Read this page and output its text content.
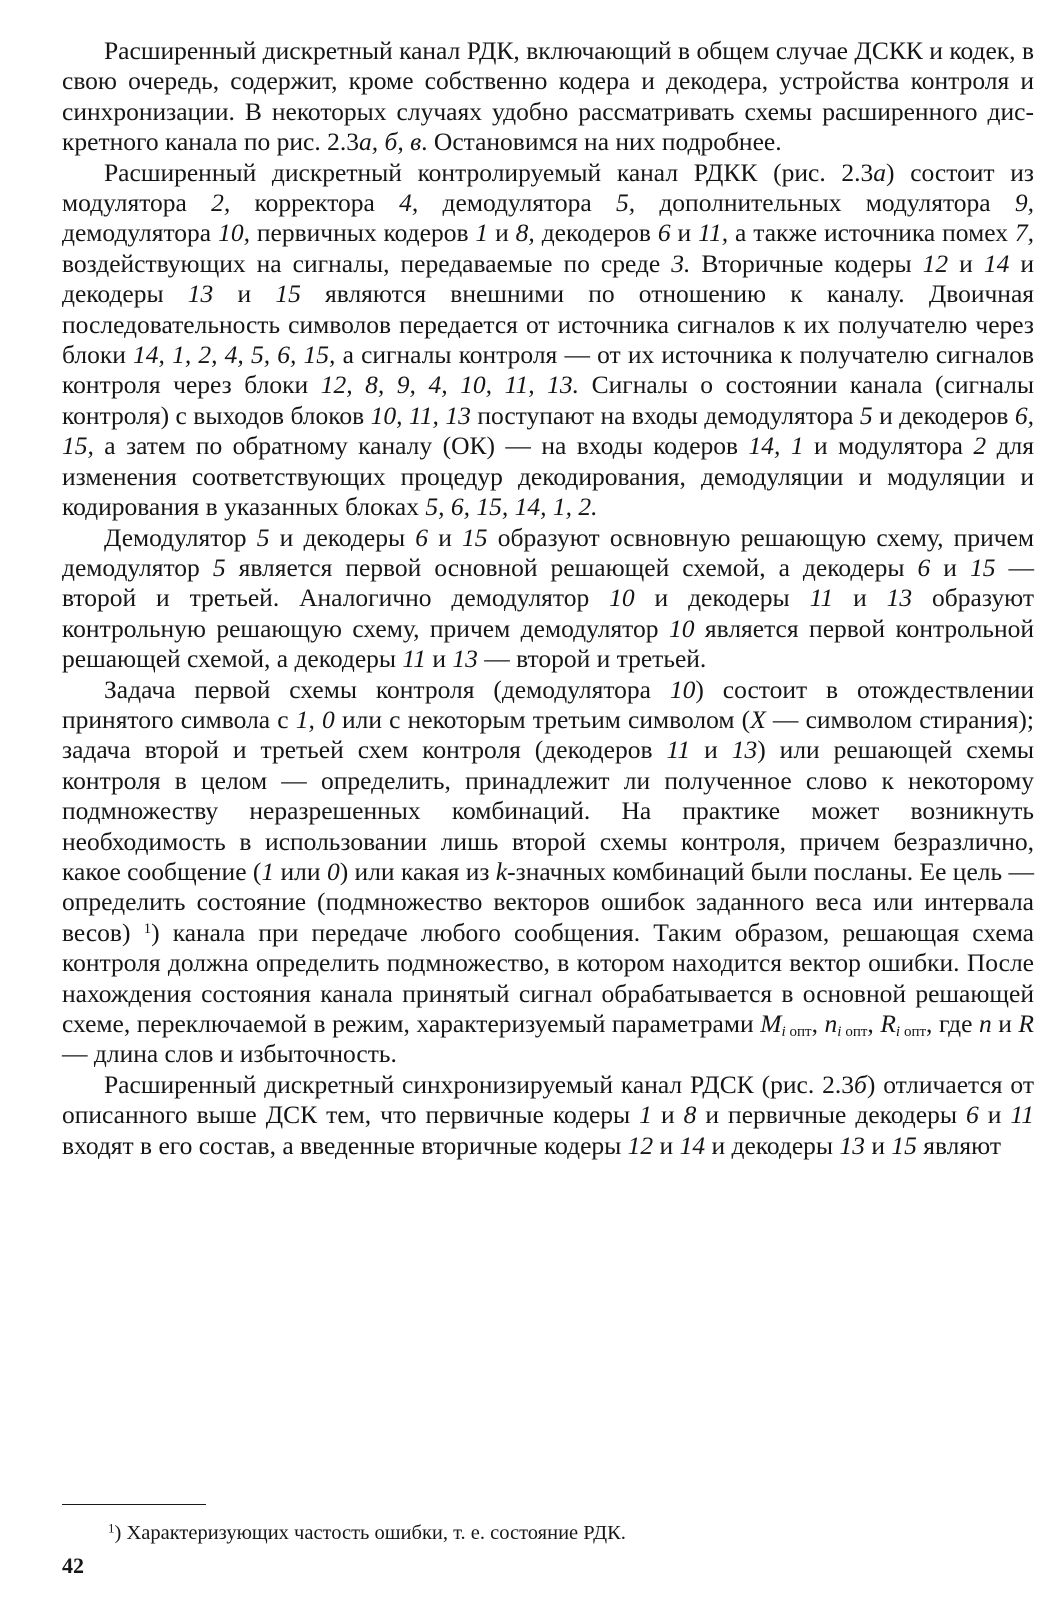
Расширенный дискретный канал РДК, включающий в общем случае ДСКК и кодек, в свою очередь, содержит, кроме собственно кодера и декодера, устройства контроля и синхронизации. В некоторых случаях удобно рассматривать схемы расширенного дискретного канала по рис. 2.3а, б, в. Остановимся на них подробнее.

Расширенный дискретный контролируемый канал РДКК (рис. 2.3а) состоит из модулятора 2, корректора 4, демодулятора 5, дополнительных модулятора 9, демодулятора 10, первичных кодеров 1 и 8, декодеров 6 и 11, а также источника помех 7, воздействующих на сигналы, передаваемые по среде 3. Вторичные кодеры 12 и 14 и декодеры 13 и 15 являются внешними по отношению к каналу. Двоичная последовательность символов передается от источника сигналов к их получателю через блоки 14, 1, 2, 4, 5, 6, 15, а сигналы контроля — от их источника к получателю сигналов контроля через блоки 12, 8, 9, 4, 10, 11, 13. Сигналы о состоянии канала (сигналы контроля) с выходов блоков 10, 11, 13 поступают на входы демодулятора 5 и декодеров 6, 15, а затем по обратному каналу (ОК) — на входы кодеров 14, 1 и модулятора 2 для изменения соответствующих процедур декодирования, демодуляции и модуляции и кодирования в указанных блоках 5, 6, 15, 14, 1, 2.

Демодулятор 5 и декодеры 6 и 15 образуют освновную решающую схему, причем демодулятор 5 является первой основной решающей схемой, а декодеры 6 и 15 — второй и третьей. Аналогично демодулятор 10 и декодеры 11 и 13 образуют контрольную решающую схему, причем демодулятор 10 является первой контрольной решающей схемой, а декодеры 11 и 13 — второй и третьей.

Задача первой схемы контроля (демодулятора 10) состоит в отождествлении принятого символа с 1, 0 или с некоторым третьим символом (X — символом стирания); задача второй и третьей схем контроля (декодеров 11 и 13) или решающей схемы контроля в целом — определить, принадлежит ли полученное слово к некоторому подмножеству неразрешенных комбинаций. На практике может возникнуть необходимость в использовании лишь второй схемы контроля, причем безразлично, какое сообщение (1 или 0) или какая из k-значных комбинаций были посланы. Ее цель — определить состояние (подмножество векторов ошибок заданного веса или интервала весов) $^1$) канала при передаче любого сообщения. Таким образом, решающая схема контроля должна определить подмножество, в котором находится вектор ошибки. После нахождения состояния канала принятый сигнал обрабатывается в основной решающей схеме, переключаемой в режим, характеризуемый параметрами $M_i$ $_{опт}$, $n_i$ $_{опт}$, $R_i$ $_{опт}$, где n и R — длина слов и избыточность.

Расширенный дискретный синхронизируемый канал РДСК (рис. 2.3б) отличается от описанного выше ДСК тем, что первичные кодеры 1 и 8 и первичные декодеры 6 и 11 входят в его состав, а введенные вторичные кодеры 12 и 14 и декодеры 13 и 15 являют

$^1$) Характеризующих частость ошибки, т. е. состояние РДК.
42
